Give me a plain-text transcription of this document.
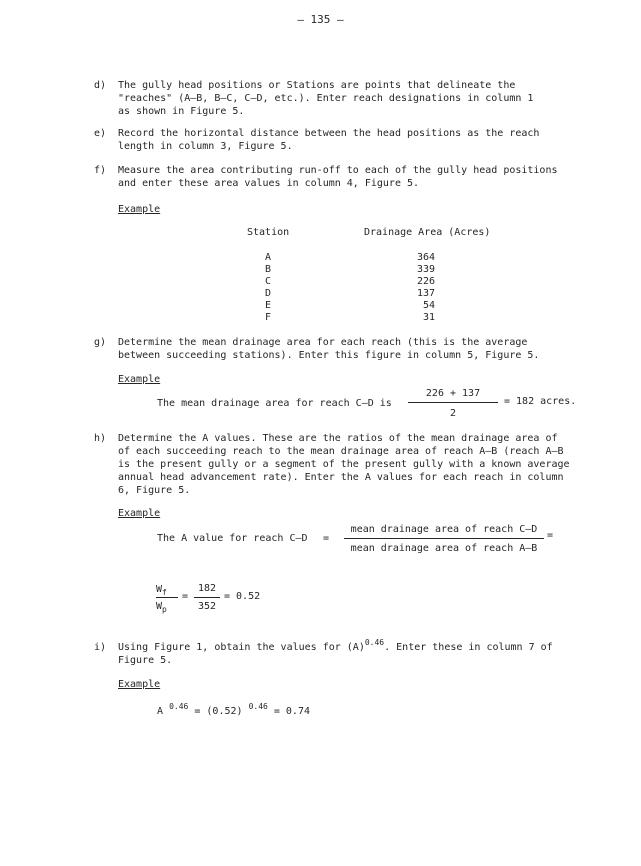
– 135 –
d)	The gully head positions or Stations are points that delineate the
"reaches" (A–B, B–C, C–D, etc.). Enter reach designations in column 1
as shown in Figure 5.
e)	Record the horizontal distance between the head positions as the reach
length in column 3, Figure 5.
f)	Measure the area contributing run-off to each of the gully head positions
and enter these area values in column 4, Figure 5.
Example
Station	Drainage Area (Acres)
A	364
B	339
C	226
D	137
E	54
F	31
g)	Determine the mean drainage area for each reach (this is the average
between succeeding stations). Enter this figure in column 5, Figure 5.
Example
The mean drainage area for reach C–D is
226 + 137
2
= 182 acres.
h)	Determine the A values. These are the ratios of the mean drainage area of
of each succeeding reach to the mean drainage area of reach A–B (reach A–B
is the present gully or a segment of the present gully with a known average
annual head advancement rate). Enter the A values for each reach in column
6, Figure 5.
Example
The A value for reach C–D =
mean drainage area of reach C–D
mean drainage area of reach A–B
=
$W_f$
$W_p$
=
182
352
= 0.52
i)	Using Figure 1, obtain the values for $(A)^{0.46}$. Enter these in column 7 of
Figure 5.
Example
A $^{0.46}$ = (0.52) $^{0.46}$ = 0.74
